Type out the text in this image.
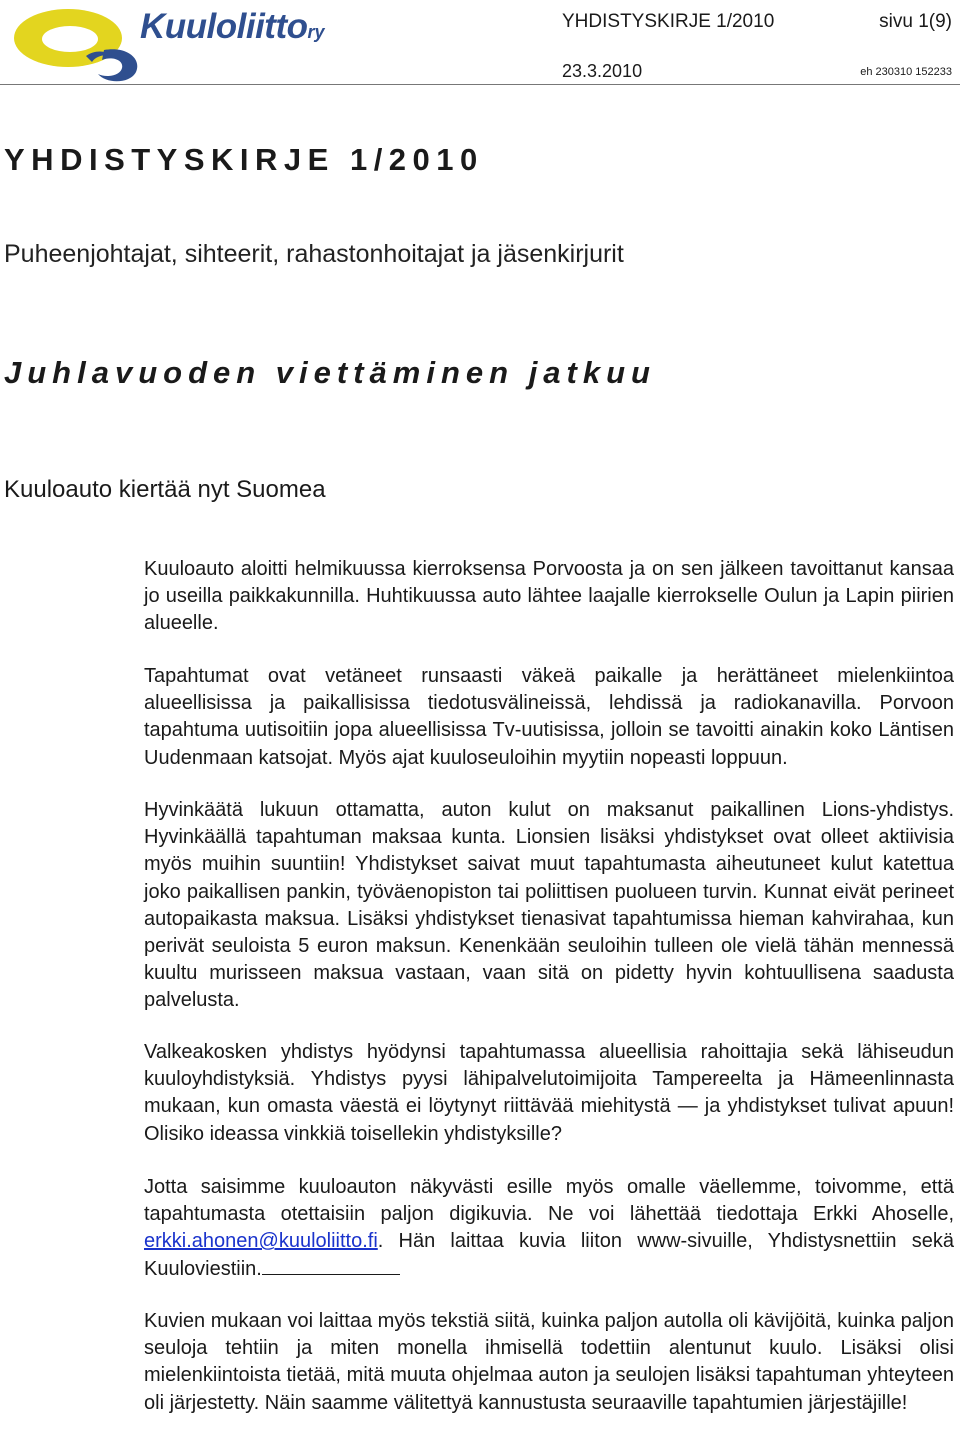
Kuuloliittory	YHDISTYSKIRJE 1/2010	sivu 1(9)
23.3.2010	eh 230310 152233
YHDISTYSKIRJE 1/2010
Puheenjohtajat, sihteerit, rahastonhoitajat ja jäsenkirjurit
Juhlavuoden viettäminen jatkuu
Kuuloauto kiertää nyt Suomea

Kuuloauto aloitti helmikuussa kierroksensa Porvoosta ja on sen jälkeen tavoittanut kansaa jo useilla paikkakunnilla. Huhtikuussa auto lähtee laajalle kierrokselle Oulun ja Lapin piirien alueelle.

Tapahtumat ovat vetäneet runsaasti väkeä paikalle ja herättäneet mielenkiintoa alueellisissa ja paikallisissa tiedotusvälineissä, lehdissä ja radiokanavilla. Porvoon tapahtuma uutisoitiin jopa alueellisissa Tv-uutisissa, jolloin se tavoitti ainakin koko Läntisen Uudenmaan katsojat. Myös ajat kuuloseuloihin myytiin nopeasti loppuun.

Hyvinkäätä lukuun ottamatta, auton kulut on maksanut paikallinen Lions-yhdistys. Hyvinkäällä tapahtuman maksaa kunta. Lionsien lisäksi yhdistykset ovat olleet aktiivisia myös muihin suuntiin! Yhdistykset saivat muut tapahtumasta aiheutuneet kulut katettua joko paikallisen pankin, työväenopiston tai poliittisen puolueen turvin. Kunnat eivät perineet autopaikasta maksua. Lisäksi yhdistykset tienasivat tapahtumissa hieman kahvirahaa, kun perivät seuloista 5 euron maksun. Kenenkään seuloihin tulleen ole vielä tähän mennessä kuultu murisseen maksua vastaan, vaan sitä on pidetty hyvin kohtuullisena saadusta palvelusta.

Valkeakosken yhdistys hyödynsi tapahtumassa alueellisia rahoittajia sekä lähiseudun kuuloyhdistyksiä. Yhdistys pyysi lähipalvelutoimijoita Tampereelta ja Hämeenlinnasta mukaan, kun omasta väestä ei löytynyt riittävää miehitystä — ja yhdistykset tulivat apuun! Olisiko ideassa vinkkiä toisellekin yhdistyksille?

Jotta saisimme kuuloauton näkyvästi esille myös omalle väellemme, toivomme, että tapahtumasta otettaisiin paljon digikuvia. Ne voi lähettää tiedottaja Erkki Ahoselle, erkki.ahonen@kuuloliitto.fi. Hän laittaa kuvia liiton www-sivuille, Yhdistysnettiin sekä Kuuloviestiin.

Kuvien mukaan voi laittaa myös tekstiä siitä, kuinka paljon autolla oli kävijöitä, kuinka paljon seuloja tehtiin ja miten monella ihmisellä todettiin alentunut kuulo. Lisäksi olisi mielenkiintoista tietää, mitä muuta ohjelmaa auton ja seulojen lisäksi tapahtuman yhteyteen oli järjestetty. Näin saamme välitettyä kannustusta seuraaville tapahtumien järjestäjille!
